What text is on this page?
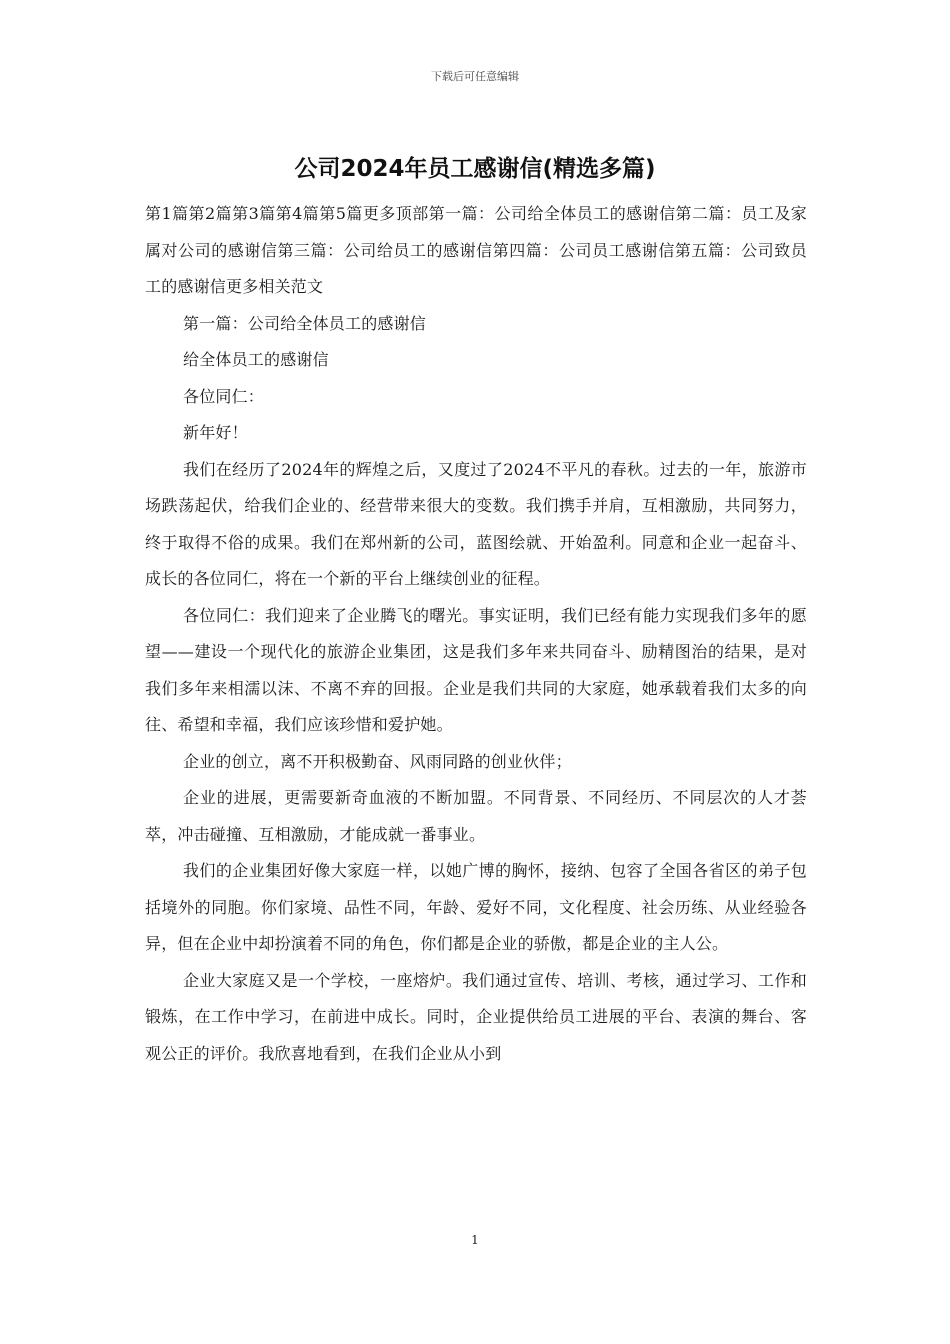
下载后可任意编辑
公司2024年员工感谢信(精选多篇)

第1篇第2篇第3篇第4篇第5篇更多顶部第一篇：公司给全体员工的感谢信第二篇：员工及家属对公司的感谢信第三篇：公司给员工的感谢信第四篇：公司员工感谢信第五篇：公司致员工的感谢信更多相关范文

第一篇：公司给全体员工的感谢信

给全体员工的感谢信

各位同仁：

新年好！

我们在经历了2024年的辉煌之后，又度过了2024不平凡的春秋。过去的一年，旅游市场跌荡起伏，给我们企业的、经营带来很大的变数。我们携手并肩，互相激励，共同努力，终于取得不俗的成果。我们在郑州新的公司，蓝图绘就、开始盈利。同意和企业一起奋斗、成长的各位同仁，将在一个新的平台上继续创业的征程。

各位同仁：我们迎来了企业腾飞的曙光。事实证明，我们已经有能力实现我们多年的愿望——建设一个现代化的旅游企业集团，这是我们多年来共同奋斗、励精图治的结果，是对我们多年来相濡以沫、不离不弃的回报。企业是我们共同的大家庭，她承载着我们太多的向往、希望和幸福，我们应该珍惜和爱护她。

企业的创立，离不开积极勤奋、风雨同路的创业伙伴；

企业的进展，更需要新奇血液的不断加盟。不同背景、不同经历、不同层次的人才荟萃，冲击碰撞、互相激励，才能成就一番事业。

我们的企业集团好像大家庭一样，以她广博的胸怀，接纳、包容了全国各省区的弟子包括境外的同胞。你们家境、品性不同，年龄、爱好不同，文化程度、社会历练、从业经验各异，但在企业中却扮演着不同的角色，你们都是企业的骄傲，都是企业的主人公。

企业大家庭又是一个学校，一座熔炉。我们通过宣传、培训、考核，通过学习、工作和锻炼，在工作中学习，在前进中成长。同时，企业提供给员工进展的平台、表演的舞台、客观公正的评价。我欣喜地看到，在我们企业从小到

1
